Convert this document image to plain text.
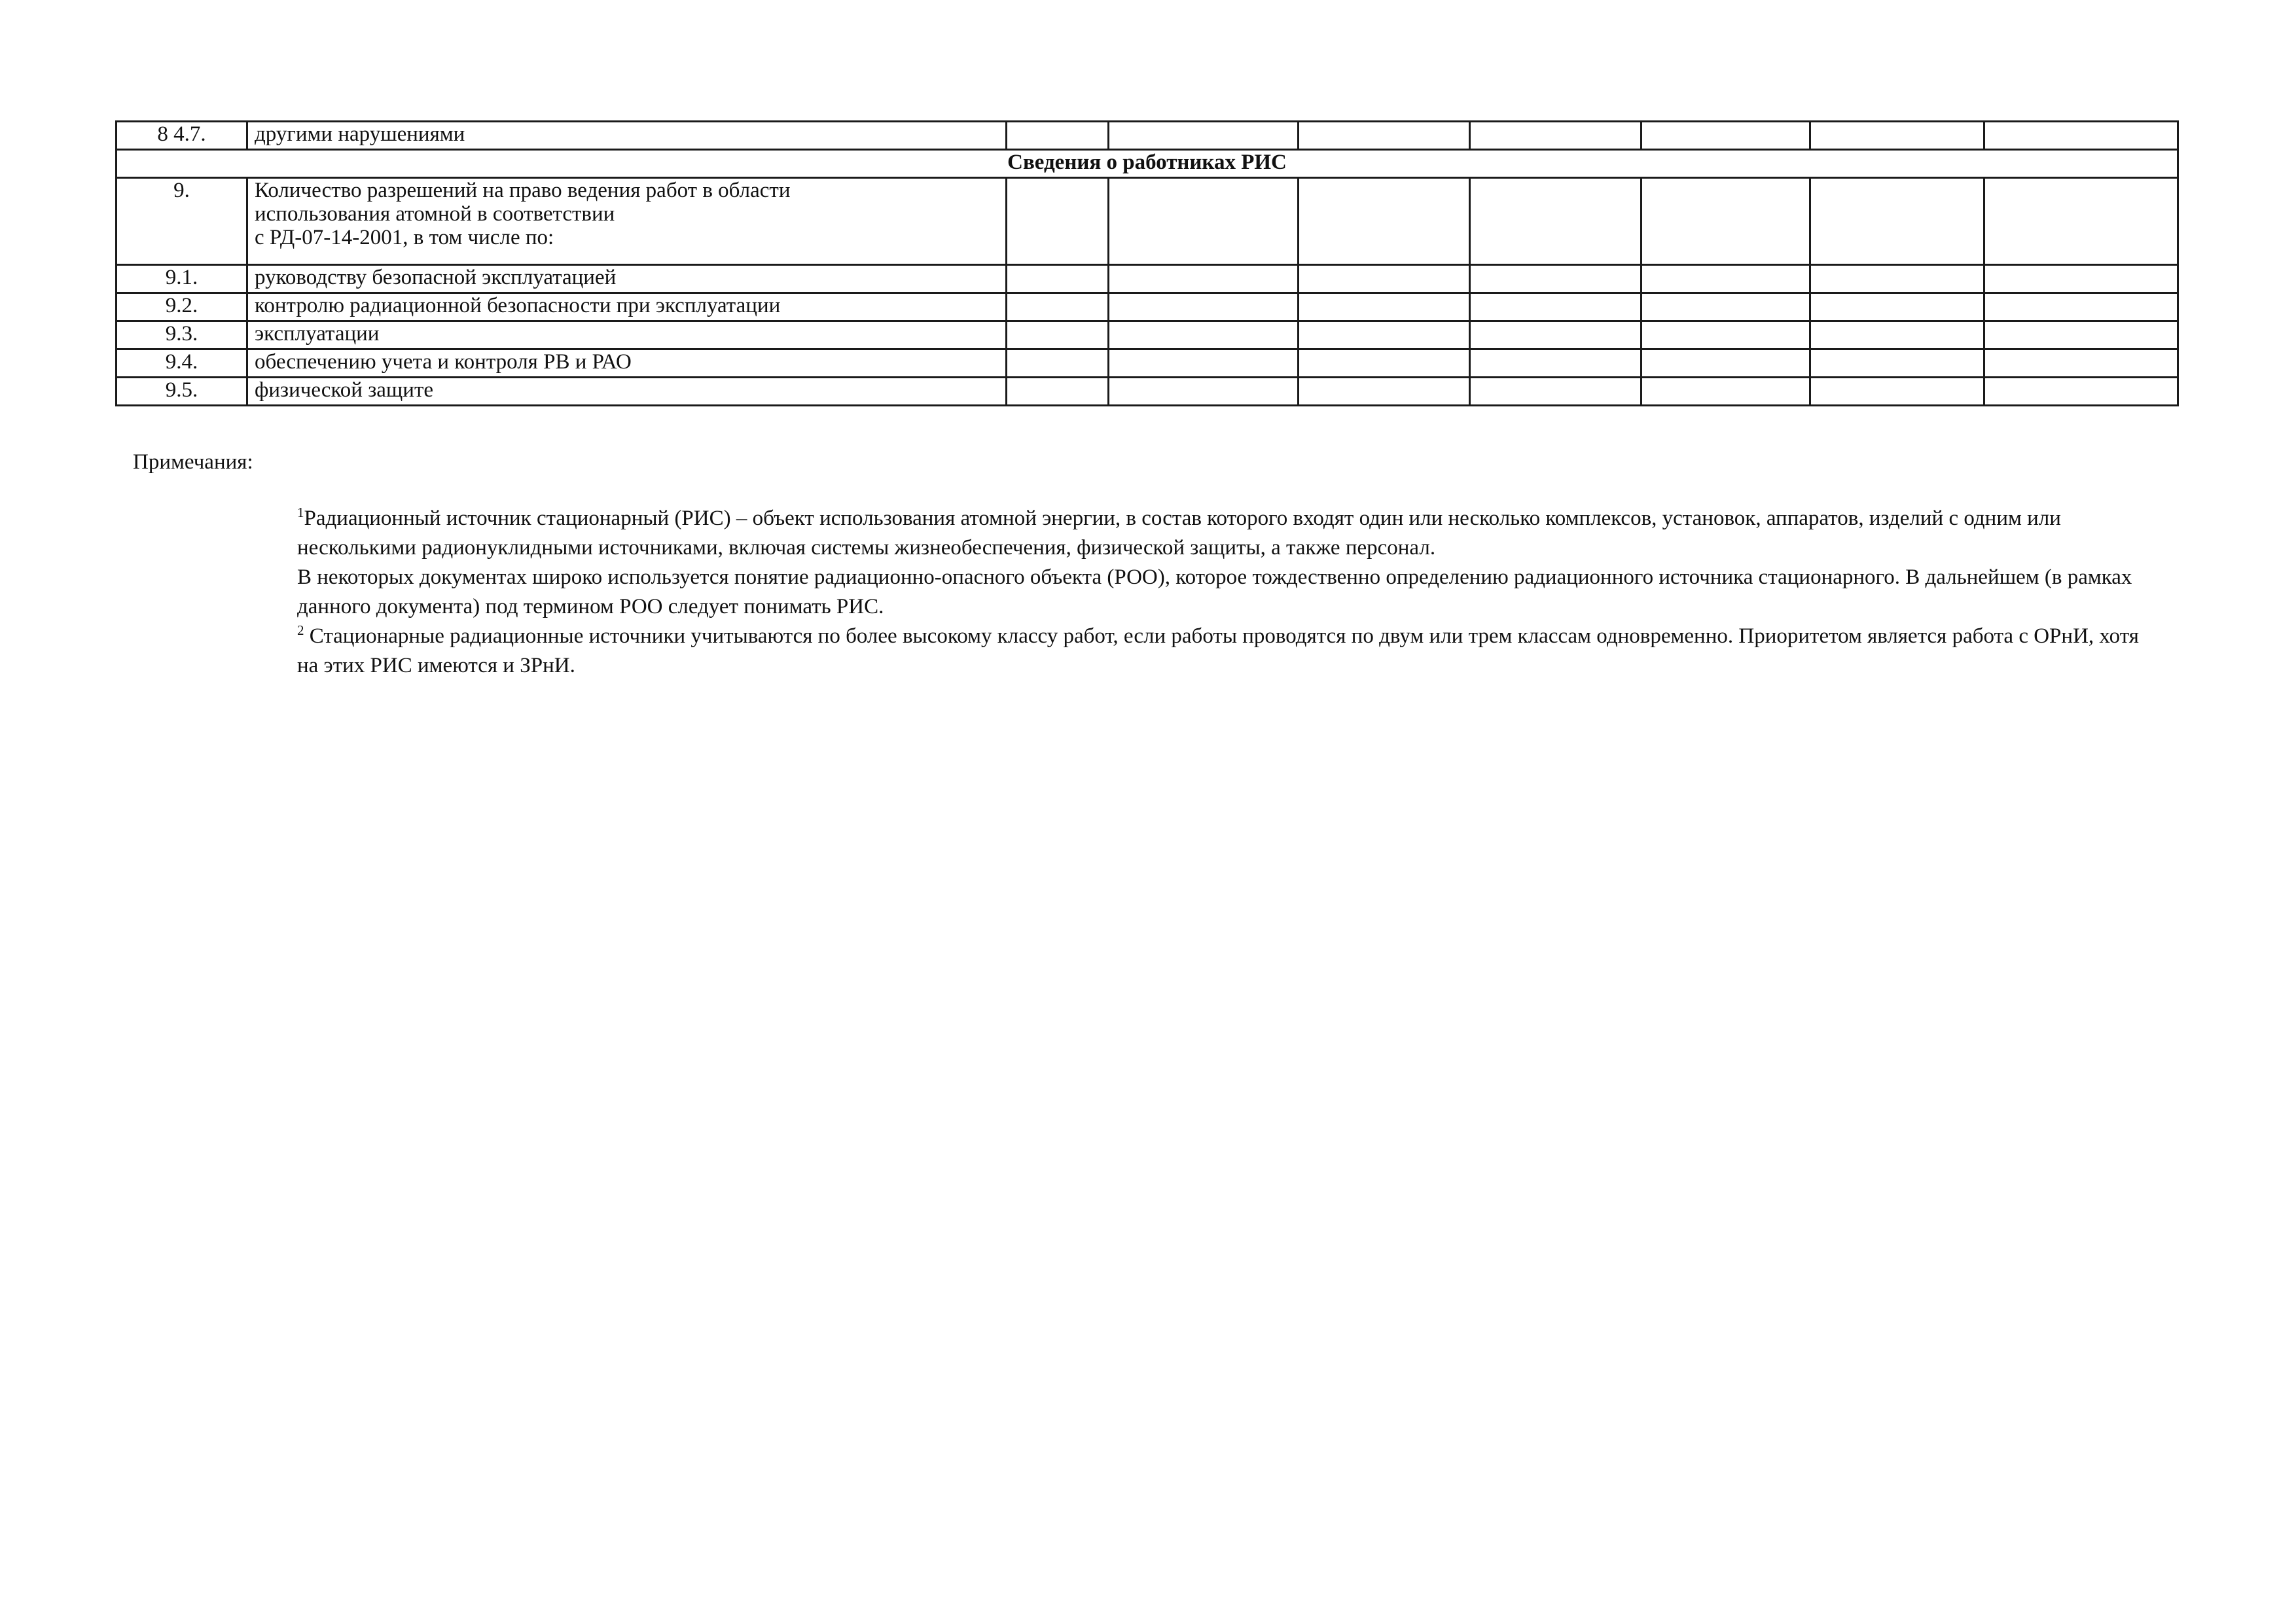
8 4.7.	другими нарушениями							
Сведения о работниках РИС								
9.	Количество разрешений на право ведения работ в области
использования атомной в соответствии
с РД-07-14-2001, в том числе по:							
9.1.	руководству безопасной эксплуатацией							
9.2.	контролю радиационной безопасности при эксплуатации							
9.3.	эксплуатации							
9.4.	обеспечению учета и контроля РВ и РАО							
9.5.	физической защите							
Примечания:

$^1$Радиационный источник стационарный (РИС) – объект использования атомной энергии, в состав которого входят один или несколько комплексов, установок, аппаратов, изделий с одним или несколькими радионуклидными источниками, включая системы жизнеобеспечения, физической защиты, а также персонал.

В некоторых документах широко используется понятие радиационно-опасного объекта (РОО), которое тождественно определению радиационного источника стационарного. В дальнейшем (в рамках данного документа) под термином РОО следует понимать РИС.

$^2$ Стационарные радиационные источники учитываются по более высокому классу работ, если работы проводятся по двум или трем классам одновременно. Приоритетом является работа с ОРнИ, хотя на этих РИС имеются и ЗРнИ.
